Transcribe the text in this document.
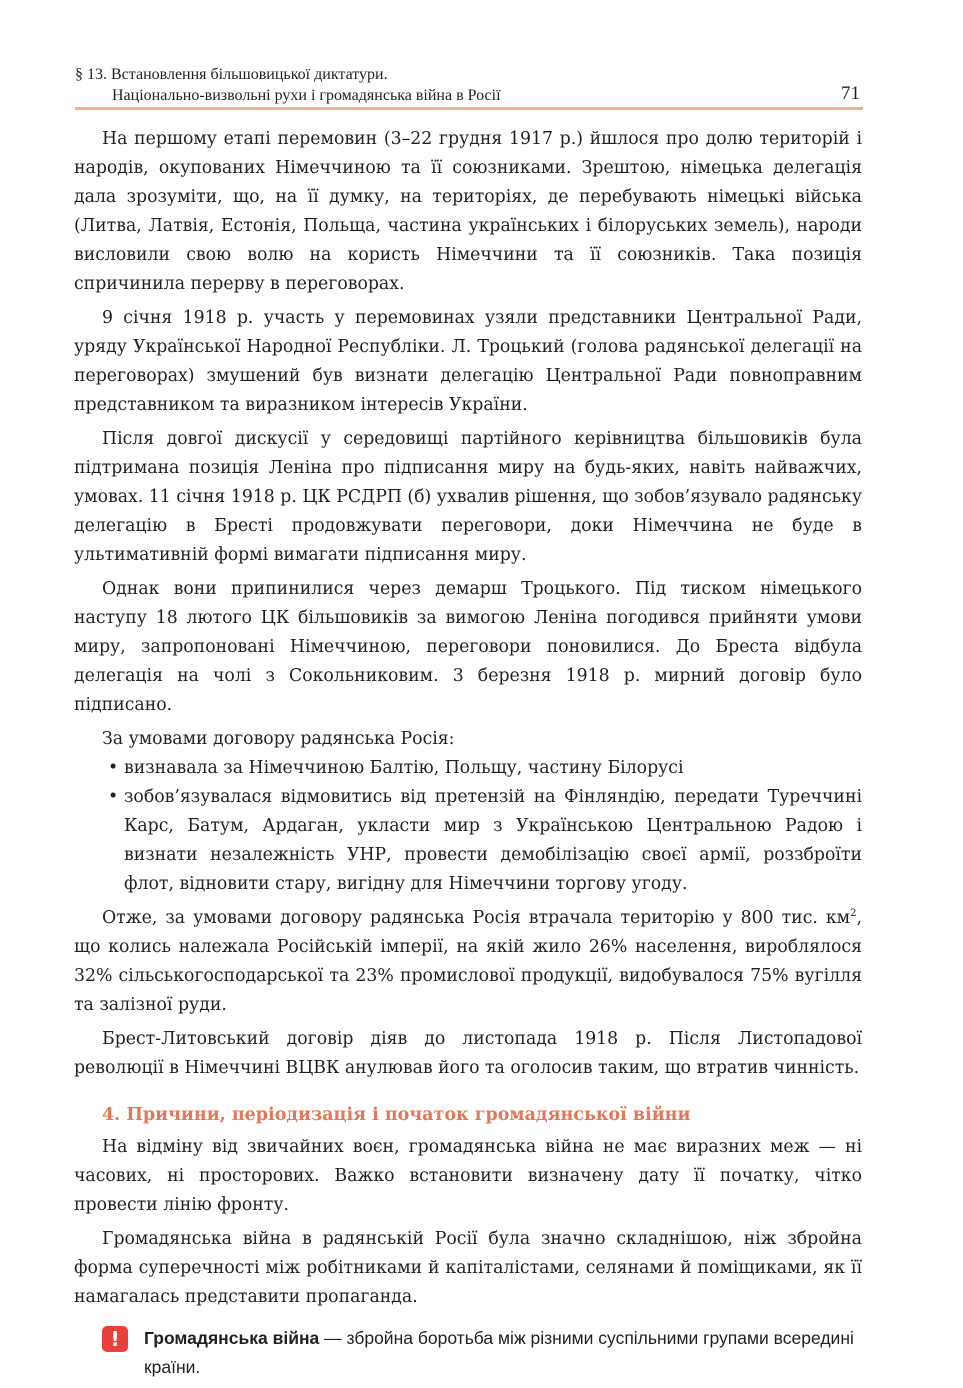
§ 13. Встановлення більшовицької диктатури.
Національно-визвольні рухи і громадянська війна в Росії	71

На першому етапі перемовин (3–22 грудня 1917 р.) йшлося про долю територій і народів, окупованих Німеччиною та її союзниками. Зрештою, німецька делегація дала зрозуміти, що, на її думку, на територіях, де перебувають німецькі війська (Литва, Латвія, Естонія, Польща, частина українських і білоруських земель), народи висловили свою волю на користь Німеччини та її союзників. Така позиція спричинила перерву в переговорах.

9 січня 1918 р. участь у перемовинах узяли представники Центральної Ради, уряду Української Народної Республіки. Л. Троцький (голова радянської делегації на переговорах) змушений був визнати делегацію Центральної Ради повноправним представником та виразником інтересів України.

Після довгої дискусії у середовищі партійного керівництва більшовиків була підтримана позиція Леніна про підписання миру на будь-яких, навіть найважчих, умовах. 11 січня 1918 р. ЦК РСДРП (б) ухвалив рішення, що зобов’язувало радянську делегацію в Бресті продовжувати переговори, доки Німеччина не буде в ультимативній формі вимагати підписання миру.

Однак вони припинилися через демарш Троцького. Під тиском німецького наступу 18 лютого ЦК більшовиків за вимогою Леніна погодився прийняти умови миру, запропоновані Німеччиною, переговори поновилися. До Бреста відбула делегація на чолі з Сокольниковим. 3 березня 1918 р. мирний договір було підписано.

За умовами договору радянська Росія:

• визнавала за Німеччиною Балтію, Польщу, частину Білорусі
• зобов’язувалася відмовитись від претензій на Фінляндію, передати Туреччині Карс, Батум, Ардаган, укласти мир з Українською Центральною Радою і визнати незалежність УНР, провести демобілізацію своєї армії, роззброїти флот, відновити стару, вигідну для Німеччини торгову угоду.

Отже, за умовами договору радянська Росія втрачала територію у 800 тис. $км^2$, що колись належала Російській імперії, на якій жило 26% населення, вироблялося 32% сільськогосподарської та 23% промислової продукції, видобувалося 75% вугілля та залізної руди.

Брест-Литовський договір діяв до листопада 1918 р. Після Листопадової революції в Німеччині ВЦВК анулював його та оголосив таким, що втратив чинність.

4. Причини, періодизація і початок громадянської війни

На відміну від звичайних воєн, громадянська війна не має виразних меж — ні часових, ні просторових. Важко встановити визначену дату її початку, чітко провести лінію фронту.

Громадянська війна в радянській Росії була значно складнішою, ніж збройна форма суперечності між робітниками й капіталістами, селянами й поміщиками, як її намагалась представити пропаганда.

!	Громадянська війна — збройна боротьба між різними суспільними групами всередині країни.
